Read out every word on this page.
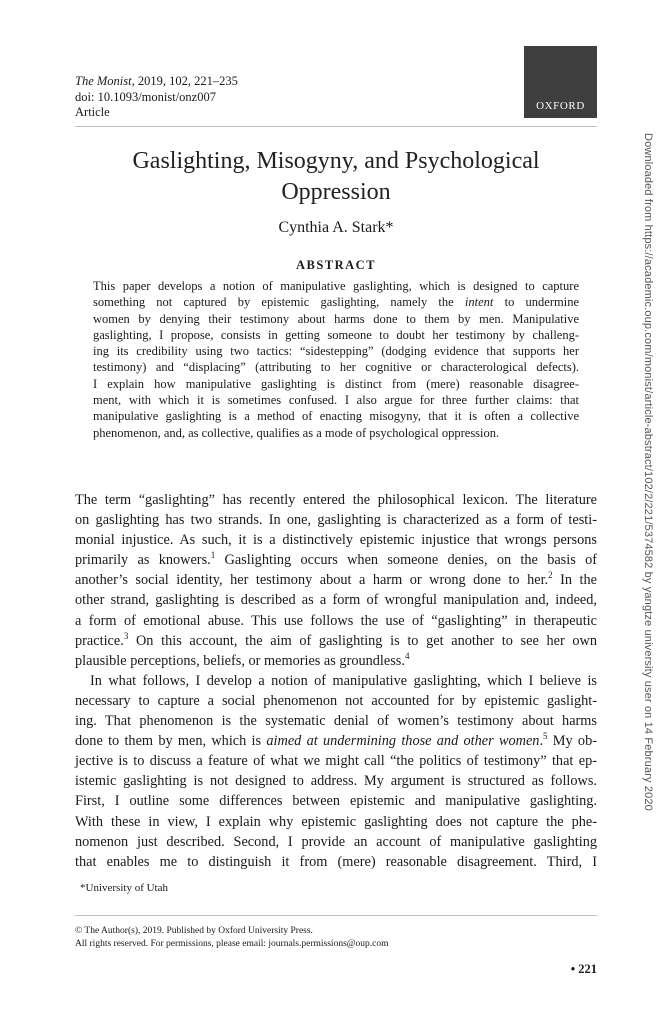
The Monist, 2019, 102, 221–235
doi: 10.1093/monist/onz007
Article	OXFORD
Gaslighting, Misogyny, and Psychological
Oppression
Cynthia A. Stark*
ABSTRACT
This paper develops a notion of manipulative gaslighting, which is designed to capture
something not captured by epistemic gaslighting, namely the intent to undermine
women by denying their testimony about harms done to them by men. Manipulative
gaslighting, I propose, consists in getting someone to doubt her testimony by challeng-
ing its credibility using two tactics: “sidestepping” (dodging evidence that supports her
testimony) and “displacing” (attributing to her cognitive or characterological defects).
I explain how manipulative gaslighting is distinct from (mere) reasonable disagree-
ment, with which it is sometimes confused. I also argue for three further claims: that
manipulative gaslighting is a method of enacting misogyny, that it is often a collective
phenomenon, and, as collective, qualifies as a mode of psychological oppression.
The term “gaslighting” has recently entered the philosophical lexicon. The literature
on gaslighting has two strands. In one, gaslighting is characterized as a form of testi-
monial injustice. As such, it is a distinctively epistemic injustice that wrongs persons
primarily as knowers.$^1$ Gaslighting occurs when someone denies, on the basis of
another’s social identity, her testimony about a harm or wrong done to her.$^2$ In the
other strand, gaslighting is described as a form of wrongful manipulation and, indeed,
a form of emotional abuse. This use follows the use of “gaslighting” in therapeutic
practice.$^3$ On this account, the aim of gaslighting is to get another to see her own
plausible perceptions, beliefs, or memories as groundless.$^4$
In what follows, I develop a notion of manipulative gaslighting, which I believe is
necessary to capture a social phenomenon not accounted for by epistemic gaslight-
ing. That phenomenon is the systematic denial of women’s testimony about harms
done to them by men, which is aimed at undermining those and other women.$^5$ My ob-
jective is to discuss a feature of what we might call “the politics of testimony” that ep-
istemic gaslighting is not designed to address. My argument is structured as follows.
First, I outline some differences between epistemic and manipulative gaslighting.
With these in view, I explain why epistemic gaslighting does not capture the phe-
nomenon just described. Second, I provide an account of manipulative gaslighting
that enables me to distinguish it from (mere) reasonable disagreement. Third, I
*University of Utah
© The Author(s), 2019. Published by Oxford University Press.
All rights reserved. For permissions, please email: journals.permissions@oup.com
• 221
Downloaded from https://academic.oup.com/monist/article-abstract/102/2/221/5374582 by yangtze university user on 14 February 2020
